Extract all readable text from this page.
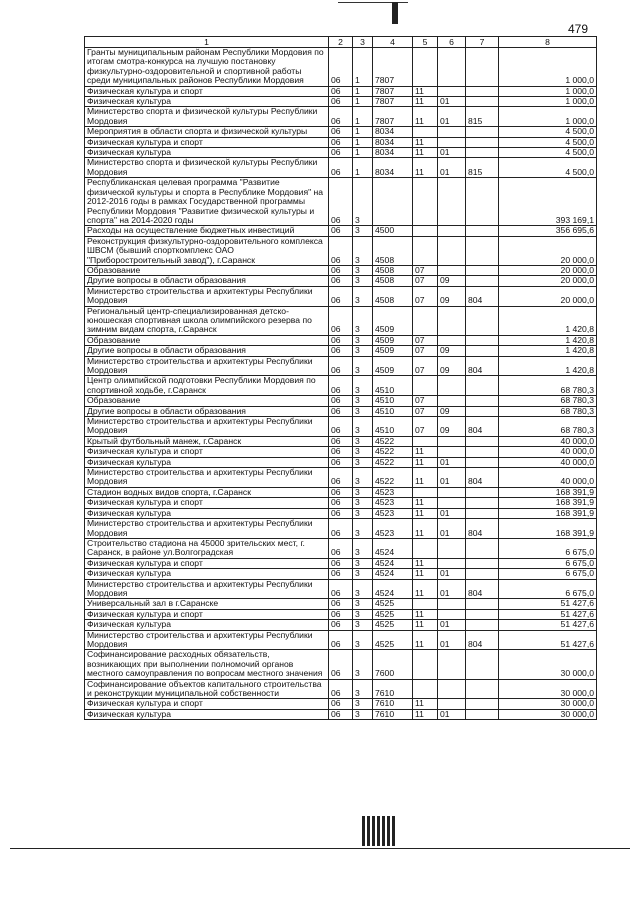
479
1	2	3	4	5	6	7	8
Гранты муниципальным районам Республики Мордовия по итогам смотра-конкурса на лучшую постановку физкультурно-оздоровительной и спортивной работы среди муниципальных районов Республики Мордовия	06	1	7807				1 000,0
Физическая культура и спорт	06	1	7807	11			1 000,0
Физическая культура	06	1	7807	11	01		1 000,0
Министерство спорта и физической культуры Республики Мордовия	06	1	7807	11	01	815	1 000,0
Мероприятия в области спорта и физической культуры	06	1	8034				4 500,0
Физическая культура и спорт	06	1	8034	11			4 500,0
Физическая культура	06	1	8034	11	01		4 500,0
Министерство спорта и физической культуры Республики Мордовия	06	1	8034	11	01	815	4 500,0
Республиканская целевая программа "Развитие физической культуры и спорта в Республике Мордовия" на 2012-2016 годы в рамках Государственной программы Республики Мордовия "Развитие физической культуры и спорта" на 2014-2020 годы	06	3					393 169,1
Расходы на осуществление бюджетных инвестиций	06	3	4500				356 695,6
Реконструкция физкультурно-оздоровительного комплекса ШВСМ (бывший спорткомплекс ОАО "Приборостроительный завод"), г.Саранск	06	3	4508				20 000,0
Образование	06	3	4508	07			20 000,0
Другие вопросы в области образования	06	3	4508	07	09		20 000,0
Министерство строительства и архитектуры Республики Мордовия	06	3	4508	07	09	804	20 000,0
Региональный центр-специализированная детско-юношеская спортивная школа олимпийского резерва по зимним видам спорта, г.Саранск	06	3	4509				1 420,8
Образование	06	3	4509	07			1 420,8
Другие вопросы в области образования	06	3	4509	07	09		1 420,8
Министерство строительства и архитектуры Республики Мордовия	06	3	4509	07	09	804	1 420,8
Центр олимпийской подготовки Республики Мордовия по спортивной ходьбе, г.Саранск	06	3	4510				68 780,3
Образование	06	3	4510	07			68 780,3
Другие вопросы в области образования	06	3	4510	07	09		68 780,3
Министерство строительства и архитектуры Республики Мордовия	06	3	4510	07	09	804	68 780,3
Крытый футбольный манеж, г.Саранск	06	3	4522				40 000,0
Физическая культура и спорт	06	3	4522	11			40 000,0
Физическая культура	06	3	4522	11	01		40 000,0
Министерство строительства и архитектуры Республики Мордовия	06	3	4522	11	01	804	40 000,0
Стадион водных видов спорта, г.Саранск	06	3	4523				168 391,9
Физическая культура и спорт	06	3	4523	11			168 391,9
Физическая культура	06	3	4523	11	01		168 391,9
Министерство строительства и архитектуры Республики Мордовия	06	3	4523	11	01	804	168 391,9
Строительство стадиона на 45000 зрительских мест, г. Саранск, в районе ул.Волгоградская	06	3	4524				6 675,0
Физическая культура и спорт	06	3	4524	11			6 675,0
Физическая культура	06	3	4524	11	01		6 675,0
Министерство строительства и архитектуры Республики Мордовия	06	3	4524	11	01	804	6 675,0
Универсальный зал в г.Саранске	06	3	4525				51 427,6
Физическая культура и спорт	06	3	4525	11			51 427,6
Физическая культура	06	3	4525	11	01		51 427,6
Министерство строительства и архитектуры Республики Мордовия	06	3	4525	11	01	804	51 427,6
Софинансирование расходных обязательств, возникающих при выполнении полномочий органов местного самоуправления по вопросам местного значения	06	3	7600				30 000,0
Софинансирование объектов капитального строительства и реконструкции муниципальной собственности	06	3	7610				30 000,0
Физическая культура и спорт	06	3	7610	11			30 000,0
Физическая культура	06	3	7610	11	01		30 000,0
